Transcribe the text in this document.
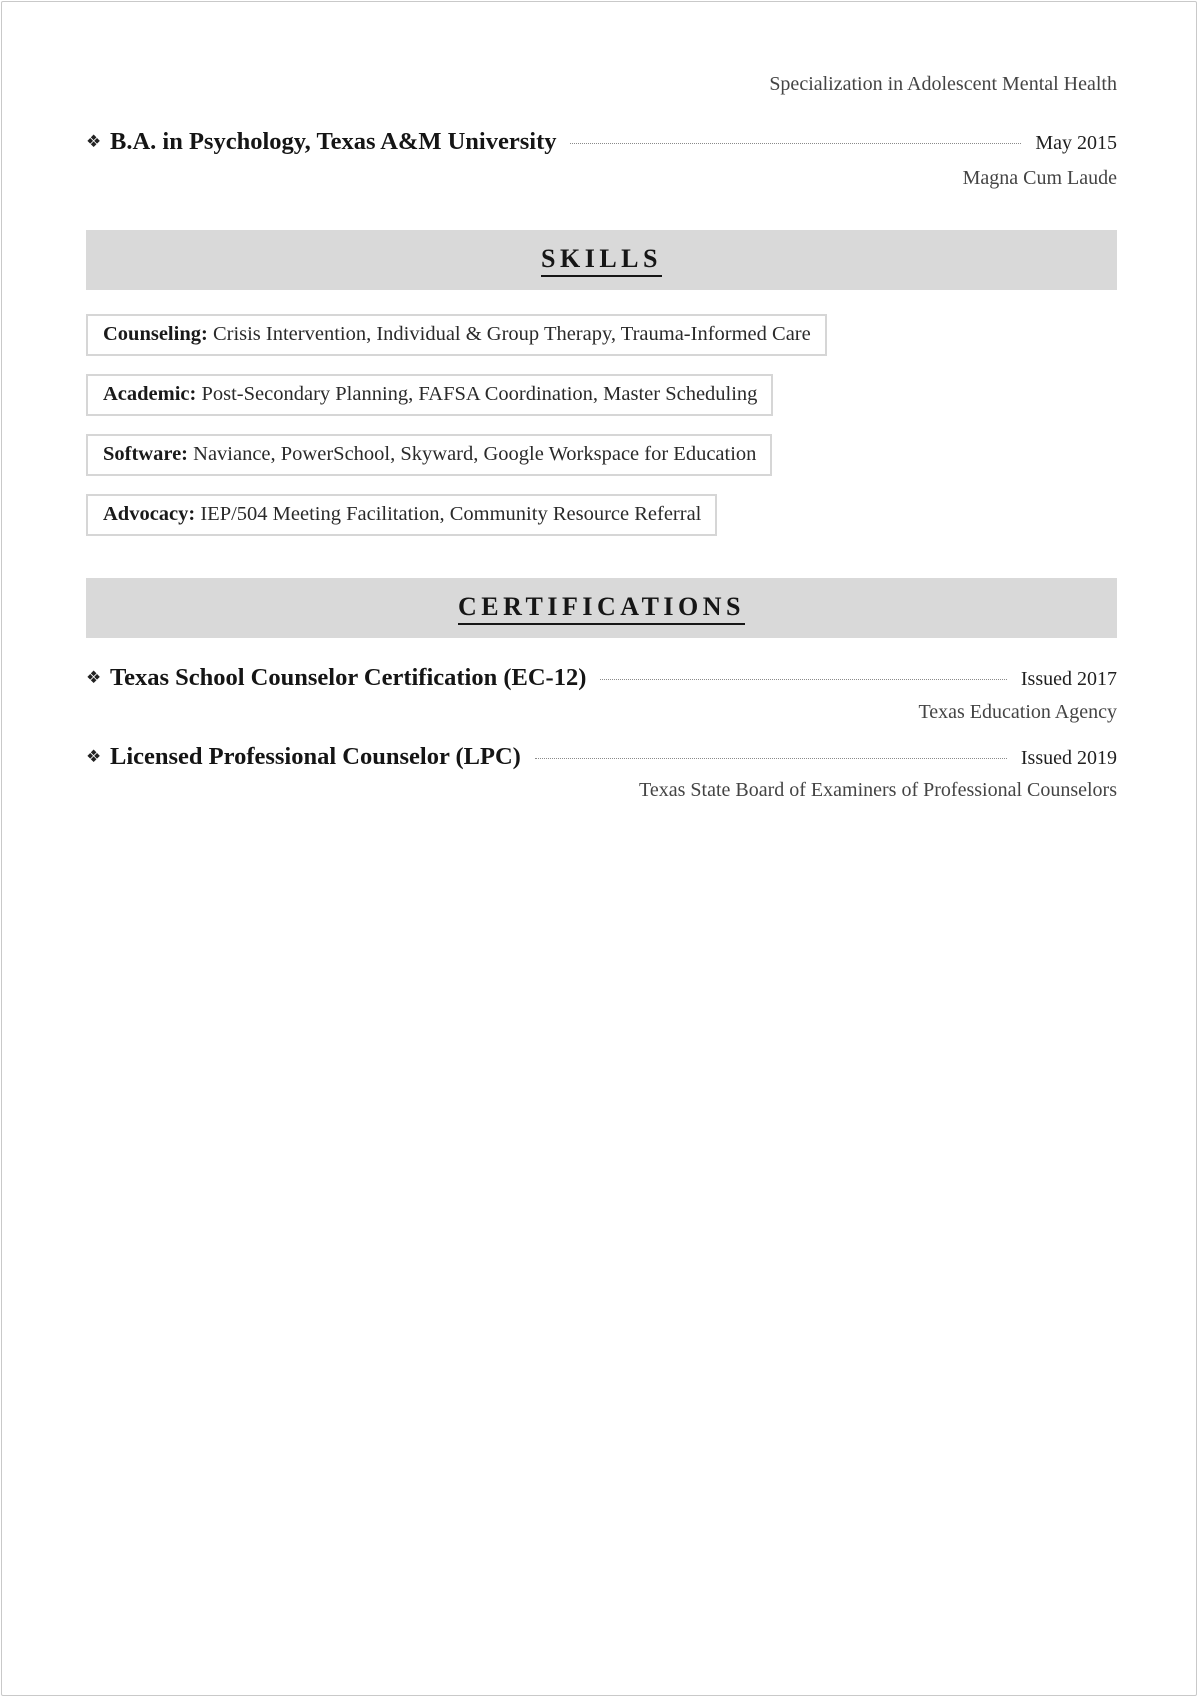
Specialization in Adolescent Mental Health
❖ B.A. in Psychology, Texas A&M University	May 2015
Magna Cum Laude
SKILLS
Counseling: Crisis Intervention, Individual & Group Therapy, Trauma-Informed Care
Academic: Post-Secondary Planning, FAFSA Coordination, Master Scheduling
Software: Naviance, PowerSchool, Skyward, Google Workspace for Education
Advocacy: IEP/504 Meeting Facilitation, Community Resource Referral
CERTIFICATIONS
❖ Texas School Counselor Certification (EC-12)	Issued 2017
Texas Education Agency
❖ Licensed Professional Counselor (LPC)	Issued 2019
Texas State Board of Examiners of Professional Counselors
